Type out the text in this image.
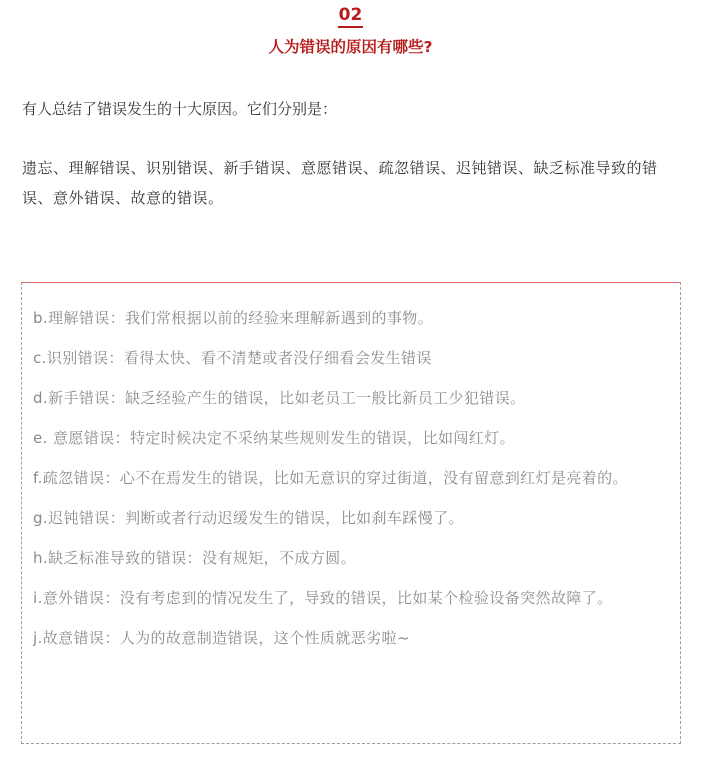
02
人为错误的原因有哪些?

有人总结了错误发生的十大原因。它们分别是：

遗忘、理解错误、识别错误、新手错误、意愿错误、疏忽错误、迟钝错误、缺乏标准导致的错误、意外错误、故意的错误。

b.理解错误：我们常根据以前的经验来理解新遇到的事物。

c.识别错误：看得太快、看不清楚或者没仔细看会发生错误

d.新手错误：缺乏经验产生的错误，比如老员工一般比新员工少犯错误。

e. 意愿错误：特定时候决定不采纳某些规则发生的错误，比如闯红灯。

f.疏忽错误：心不在焉发生的错误，比如无意识的穿过街道，没有留意到红灯是亮着的。

g.迟钝错误：判断或者行动迟缓发生的错误，比如刹车踩慢了。

h.缺乏标准导致的错误：没有规矩，不成方圆。

i.意外错误：没有考虑到的情况发生了，导致的错误，比如某个检验设备突然故障了。

j.故意错误：人为的故意制造错误，这个性质就恶劣啦~
